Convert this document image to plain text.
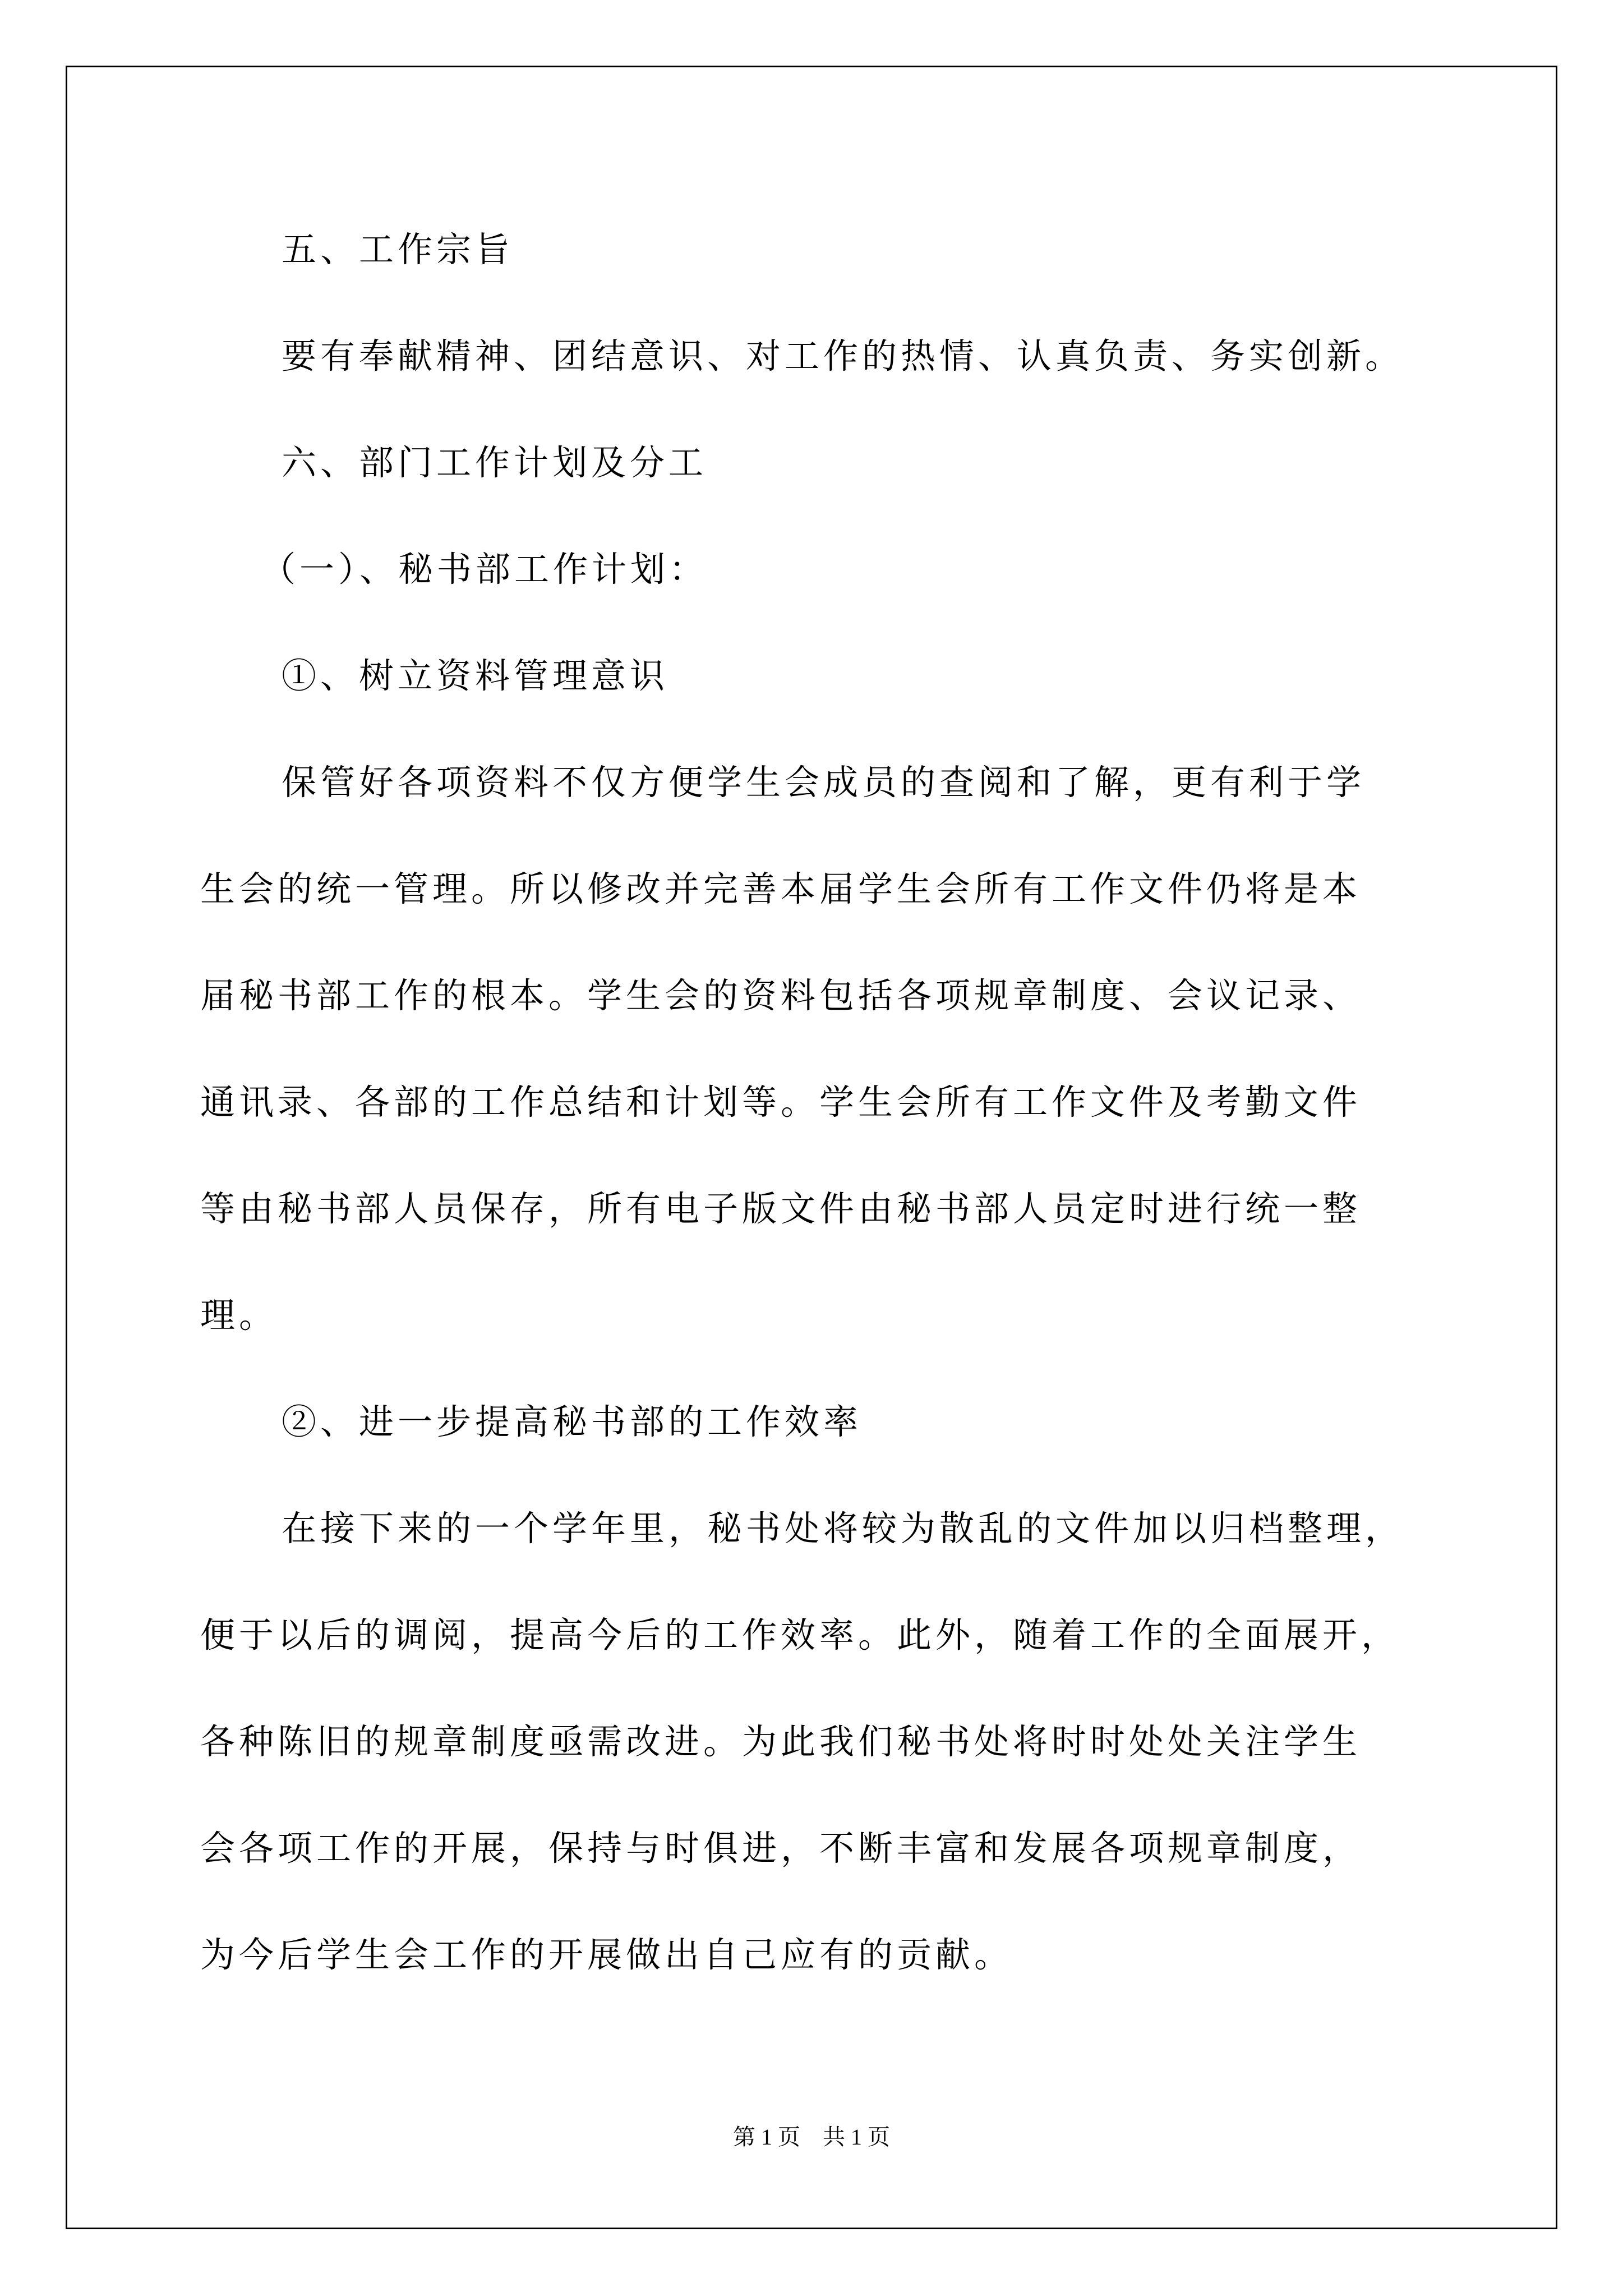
五、工作宗旨
要有奉献精神、团结意识、对工作的热情、认真负责、务实创新。
六、部门工作计划及分工
（一）、秘书部工作计划：
①、树立资料管理意识
保管好各项资料不仅方便学生会成员的查阅和了解，更有利于学
生会的统一管理。所以修改并完善本届学生会所有工作文件仍将是本
届秘书部工作的根本。学生会的资料包括各项规章制度、会议记录、
通讯录、各部的工作总结和计划等。学生会所有工作文件及考勤文件
等由秘书部人员保存，所有电子版文件由秘书部人员定时进行统一整
理。
②、进一步提高秘书部的工作效率
在接下来的一个学年里，秘书处将较为散乱的文件加以归档整理，
便于以后的调阅，提高今后的工作效率。此外，随着工作的全面展开，
各种陈旧的规章制度亟需改进。为此我们秘书处将时时处处关注学生
会各项工作的开展，保持与时俱进，不断丰富和发展各项规章制度，
为今后学生会工作的开展做出自己应有的贡献。
第 1 页　共 1 页
